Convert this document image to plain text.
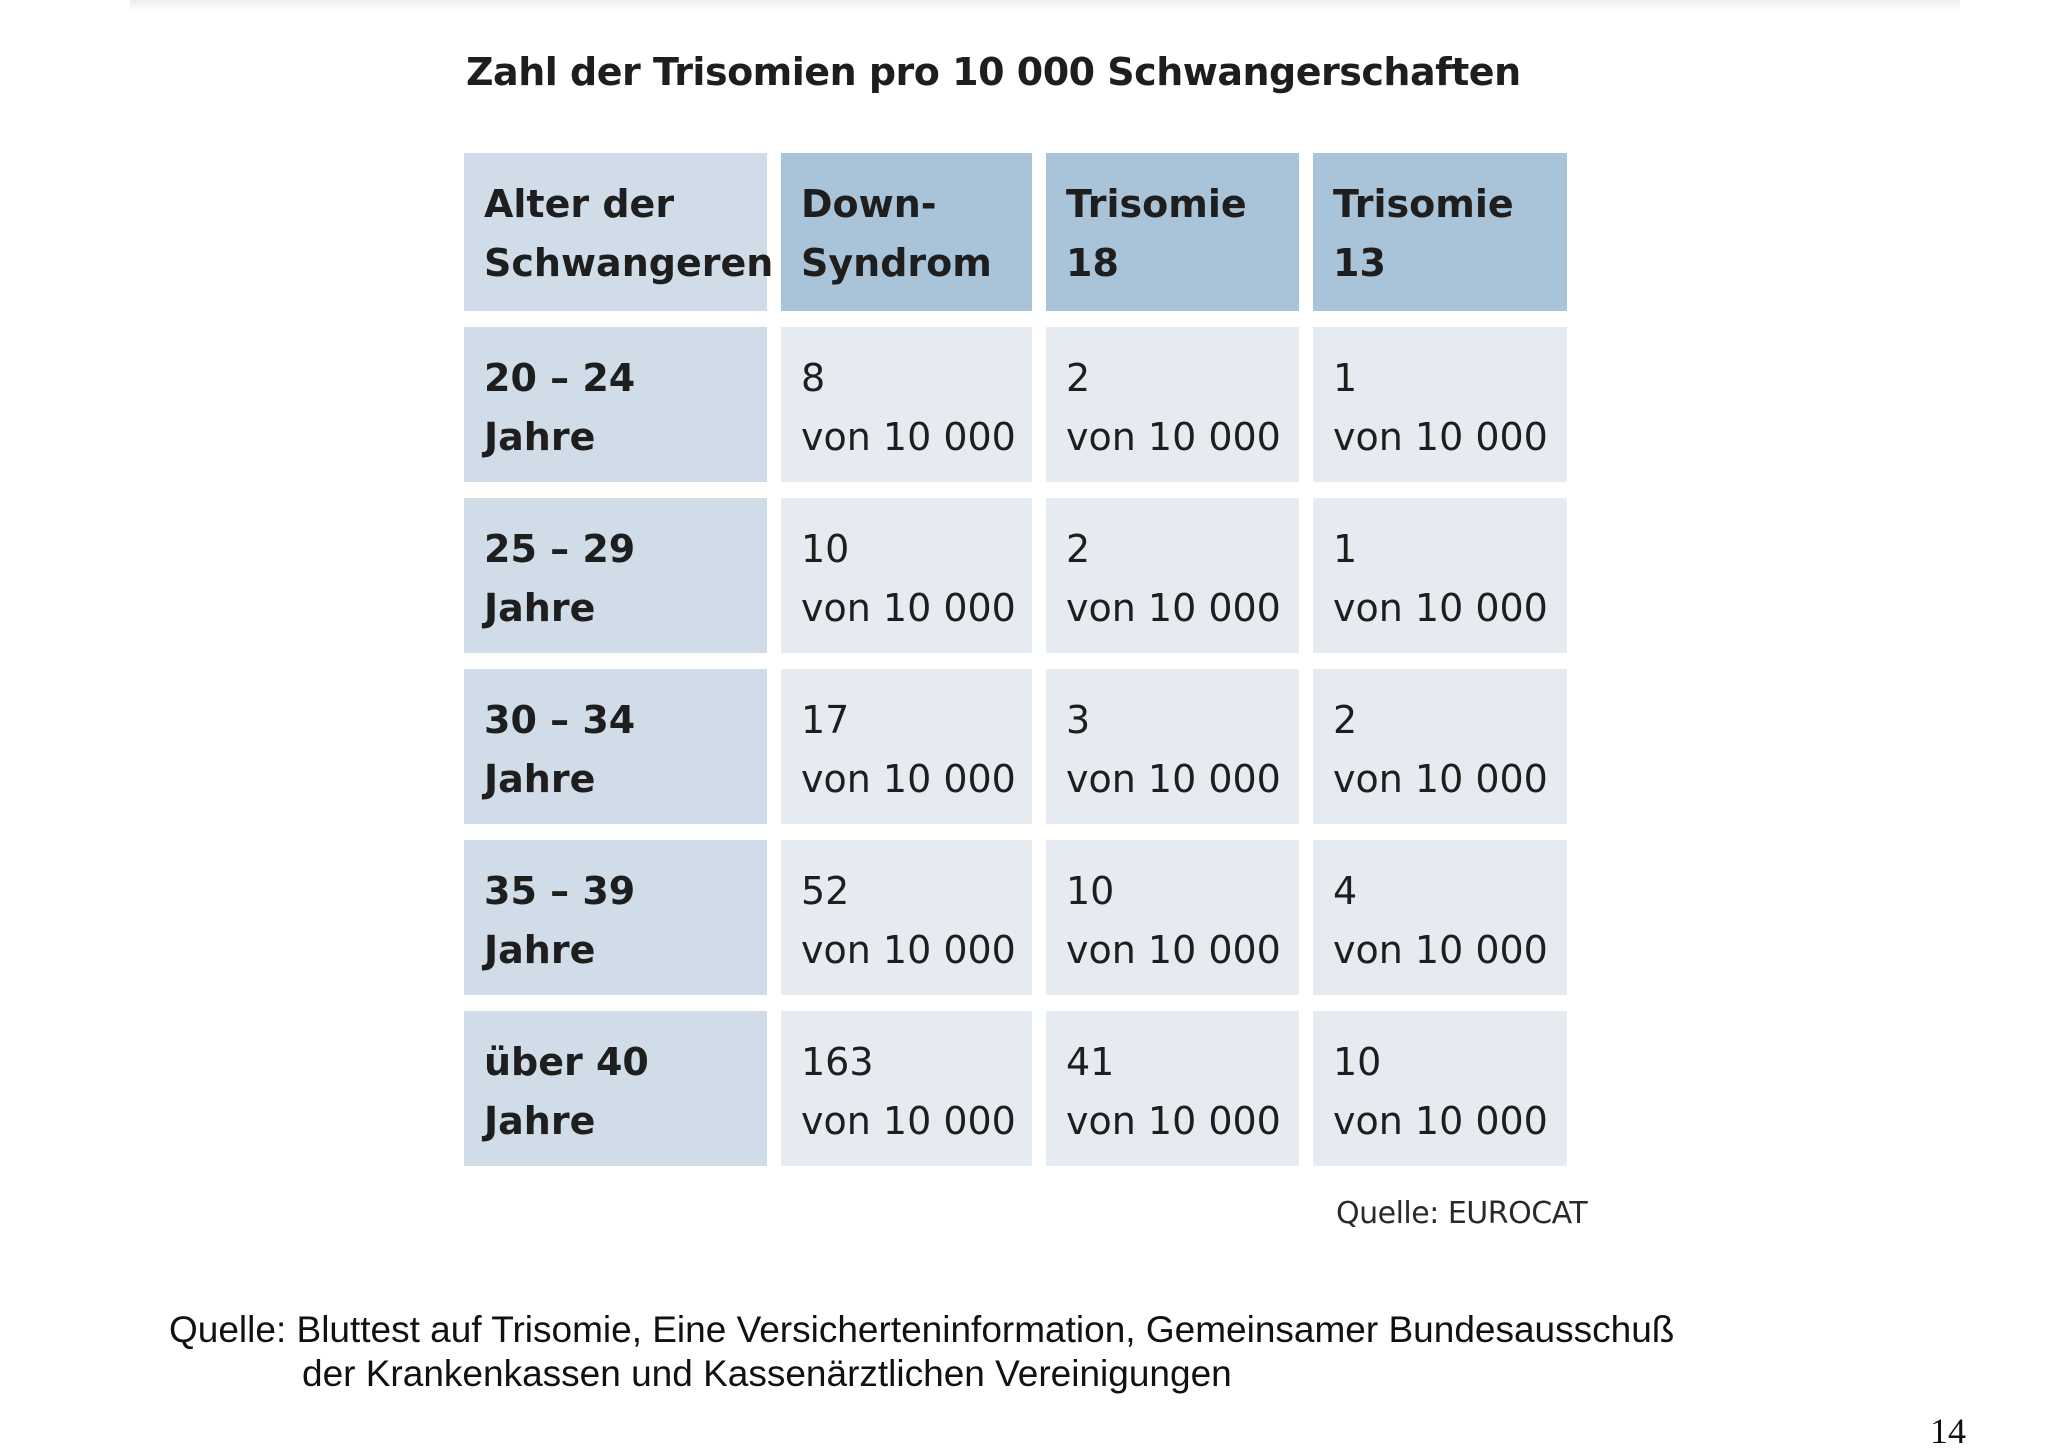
Zahl der Trisomien pro 10 000 Schwangerschaften
Alter der
Schwangeren
Down-
Syndrom
Trisomie
18
Trisomie
13
20 – 24
Jahre
8
von 10 000
2
von 10 000
1
von 10 000
25 – 29
Jahre
10
von 10 000
2
von 10 000
1
von 10 000
30 – 34
Jahre
17
von 10 000
3
von 10 000
2
von 10 000
35 – 39
Jahre
52
von 10 000
10
von 10 000
4
von 10 000
über 40
Jahre
163
von 10 000
41
von 10 000
10
von 10 000
Quelle: EUROCAT
Quelle: Bluttest auf Trisomie, Eine Versicherteninformation, Gemeinsamer Bundesausschuß
der Krankenkassen und Kassenärztlichen Vereinigungen
14
